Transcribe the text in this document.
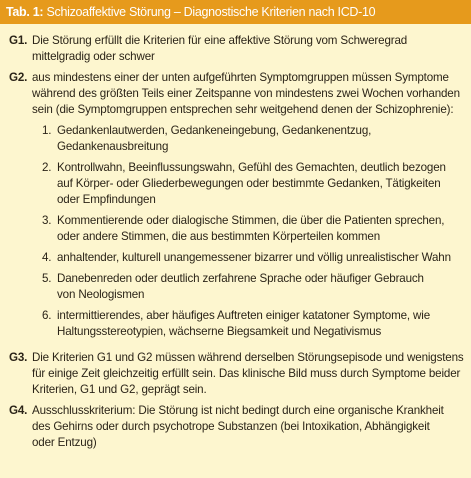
Tab. 1: Schizoaffektive Störung – Diagnostische Kriterien nach ICD-10
G1. Die Störung erfüllt die Kriterien für eine affektive Störung vom Schweregrad
mittelgradig oder schwer
G2. aus mindestens einer der unten aufgeführten Symptomgruppen müssen Symptome
während des größten Teils einer Zeitspanne von mindestens zwei Wochen vorhanden
sein (die Symptomgruppen entsprechen sehr weitgehend denen der Schizophrenie):
1. Gedankenlautwerden, Gedankeneingebung, Gedankenentzug,
Gedankenausbreitung
2. Kontrollwahn, Beeinflussungswahn, Gefühl des Gemachten, deutlich bezogen
auf Körper- oder Gliederbewegungen oder bestimmte Gedanken, Tätigkeiten
oder Empfindungen
3. Kommentierende oder dialogische Stimmen, die über die Patienten sprechen,
oder andere Stimmen, die aus bestimmten Körperteilen kommen
4. anhaltender, kulturell unangemessener bizarrer und völlig unrealistischer Wahn
5. Danebenreden oder deutlich zerfahrene Sprache oder häufiger Gebrauch
von Neologismen
6. intermittierendes, aber häufiges Auftreten einiger katatoner Symptome, wie
Haltungsstereotypien, wächserne Biegsamkeit und Negativismus
G3. Die Kriterien G1 und G2 müssen während derselben Störungsepisode und wenigstens
für einige Zeit gleichzeitig erfüllt sein. Das klinische Bild muss durch Symptome beider
Kriterien, G1 und G2, geprägt sein.
G4. Ausschlusskriterium: Die Störung ist nicht bedingt durch eine organische Krankheit
des Gehirns oder durch psychotrope Substanzen (bei Intoxikation, Abhängigkeit
oder Entzug)
